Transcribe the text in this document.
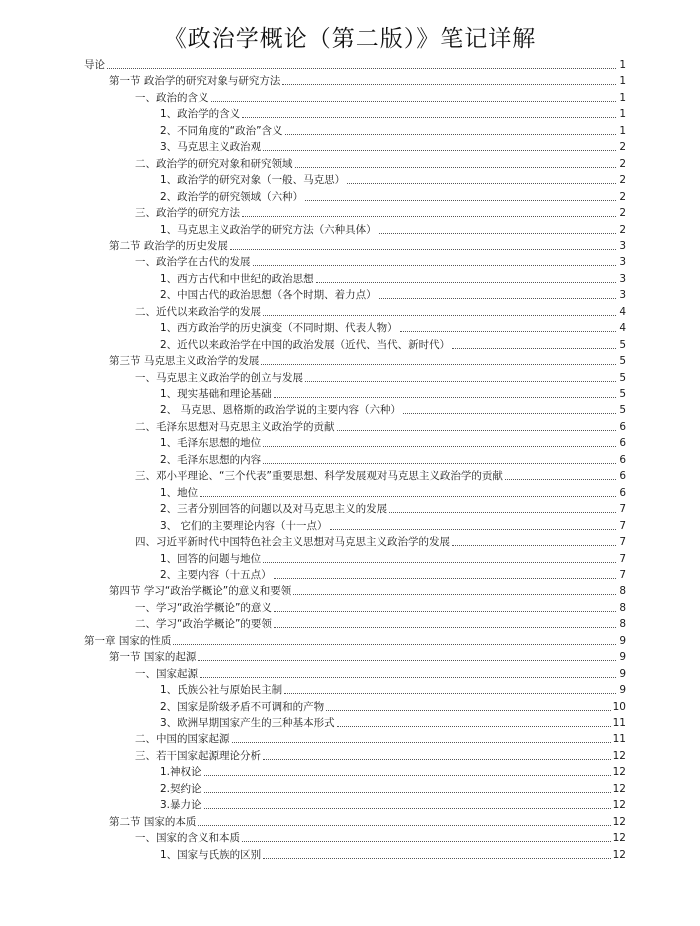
《政治学概论（第二版）》笔记详解
导论	1
第一节 政治学的研究对象与研究方法	1
一、政治的含义	1
1、政治学的含义	1
2、不同角度的“政治”含义	1
3、马克思主义政治观	2
二、政治学的研究对象和研究领域	2
1、政治学的研究对象（一般、马克思）	2
2、政治学的研究领域（六种）	2
三、政治学的研究方法	2
1、马克思主义政治学的研究方法（六种具体）	2
第二节 政治学的历史发展	3
一、政治学在古代的发展	3
1、西方古代和中世纪的政治思想	3
2、中国古代的政治思想（各个时期、着力点）	3
二、近代以来政治学的发展	4
1、西方政治学的历史演变（不同时期、代表人物）	4
2、近代以来政治学在中国的政治发展（近代、当代、新时代）	5
第三节 马克思主义政治学的发展	5
一、马克思主义政治学的创立与发展	5
1、现实基础和理论基础	5
2、 马克思、恩格斯的政治学说的主要内容（六种）	5
二、毛泽东思想对马克思主义政治学的贡献	6
1、毛泽东思想的地位	6
2、毛泽东思想的内容	6
三、邓小平理论、“三个代表”重要思想、科学发展观对马克思主义政治学的贡献	6
1、地位	6
2、三者分别回答的问题以及对马克思主义的发展	7
3、 它们的主要理论内容（十一点）	7
四、习近平新时代中国特色社会主义思想对马克思主义政治学的发展	7
1、回答的问题与地位	7
2、主要内容（十五点）	7
第四节 学习“政治学概论”的意义和要领	8
一、学习“政治学概论”的意义	8
二、学习“政治学概论”的要领	8
第一章 国家的性质	9
第一节 国家的起源	9
一、国家起源	9
1、氏族公社与原始民主制	9
2、国家是阶级矛盾不可调和的产物	10
3、欧洲早期国家产生的三种基本形式	11
二、中国的国家起源	11
三、若干国家起源理论分析	12
1.神权论	12
2.契约论	12
3.暴力论	12
第二节 国家的本质	12
一、国家的含义和本质	12
1、国家与氏族的区别	12
